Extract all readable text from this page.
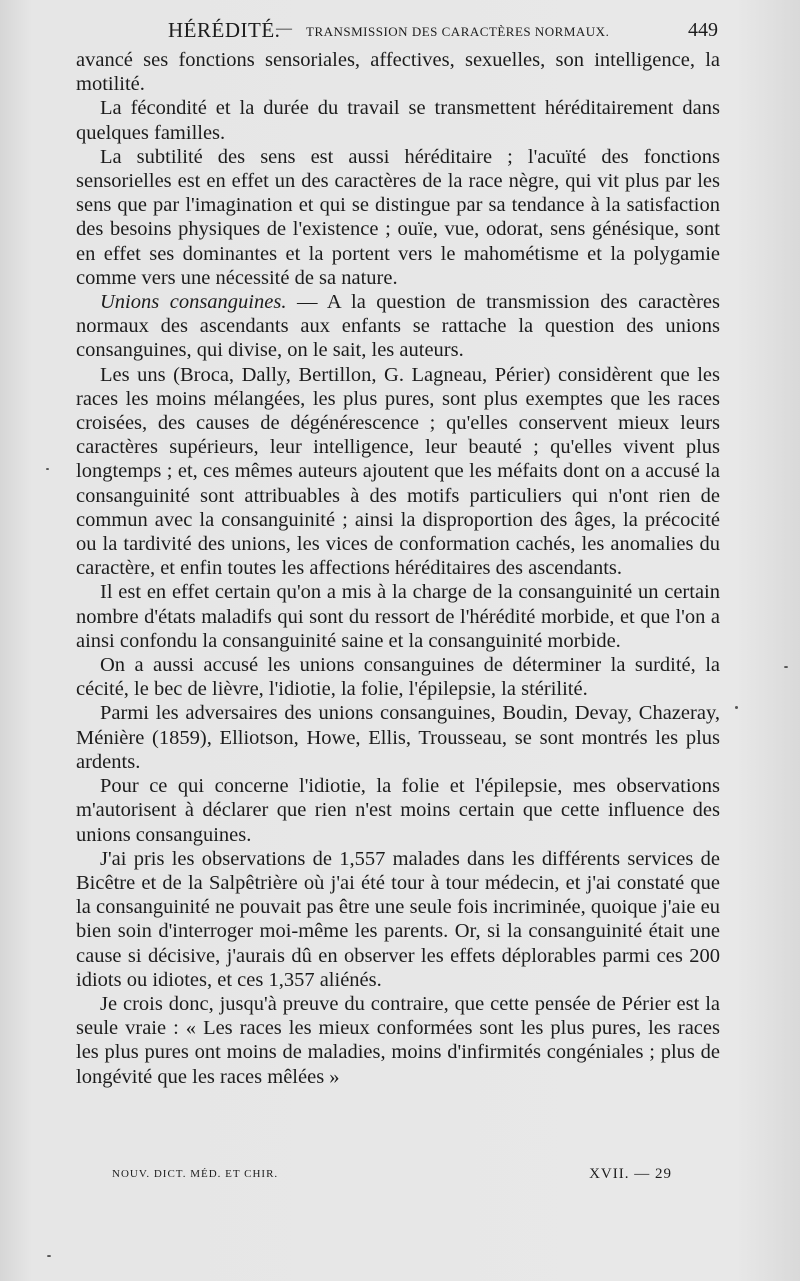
HÉRÉDITÉ.
— TRANSMISSION DES CARACTÈRES NORMAUX.	449

avancé ses fonctions sensoriales, affectives, sexuelles, son intelligence, la motilité.

La fécondité et la durée du travail se transmettent héréditairement dans quelques familles.

La subtilité des sens est aussi héréditaire ; l'acuïté des fonctions sensorielles est en effet un des caractères de la race nègre, qui vit plus par les sens que par l'imagination et qui se distingue par sa tendance à la satisfaction des besoins physiques de l'existence ; ouïe, vue, odorat, sens génésique, sont en effet ses dominantes et la portent vers le mahométisme et la polygamie comme vers une nécessité de sa nature.

Unions consanguines. — A la question de transmission des caractères normaux des ascendants aux enfants se rattache la question des unions consanguines, qui divise, on le sait, les auteurs.

Les uns (Broca, Dally, Bertillon, G. Lagneau, Périer) considèrent que les races les moins mélangées, les plus pures, sont plus exemptes que les races croisées, des causes de dégénérescence ; qu'elles conservent mieux leurs caractères supérieurs, leur intelligence, leur beauté ; qu'elles vivent plus longtemps ; et, ces mêmes auteurs ajoutent que les méfaits dont on a accusé la consanguinité sont attribuables à des motifs particuliers qui n'ont rien de commun avec la consanguinité ; ainsi la disproportion des âges, la précocité ou la tardivité des unions, les vices de conformation cachés, les anomalies du caractère, et enfin toutes les affections héréditaires des ascendants.

Il est en effet certain qu'on a mis à la charge de la consanguinité un certain nombre d'états maladifs qui sont du ressort de l'hérédité morbide, et que l'on a ainsi confondu la consanguinité saine et la consanguinité morbide.

On a aussi accusé les unions consanguines de déterminer la surdité, la cécité, le bec de lièvre, l'idiotie, la folie, l'épilepsie, la stérilité.

Parmi les adversaires des unions consanguines, Boudin, Devay, Chazeray, Ménière (1859), Elliotson, Howe, Ellis, Trousseau, se sont montrés les plus ardents.

Pour ce qui concerne l'idiotie, la folie et l'épilepsie, mes observations m'autorisent à déclarer que rien n'est moins certain que cette influence des unions consanguines.

J'ai pris les observations de 1,557 malades dans les différents services de Bicêtre et de la Salpêtrière où j'ai été tour à tour médecin, et j'ai constaté que la consanguinité ne pouvait pas être une seule fois incriminée, quoique j'aie eu bien soin d'interroger moi-même les parents. Or, si la consanguinité était une cause si décisive, j'aurais dû en observer les effets déplorables parmi ces 200 idiots ou idiotes, et ces 1,357 aliénés.

Je crois donc, jusqu'à preuve du contraire, que cette pensée de Périer est la seule vraie : « Les races les mieux conformées sont les plus pures, les races les plus pures ont moins de maladies, moins d'infirmités congéniales ; plus de longévité que les races mêlées »

NOUV. DICT. MÉD. ET CHIR.	XVII. — 29
